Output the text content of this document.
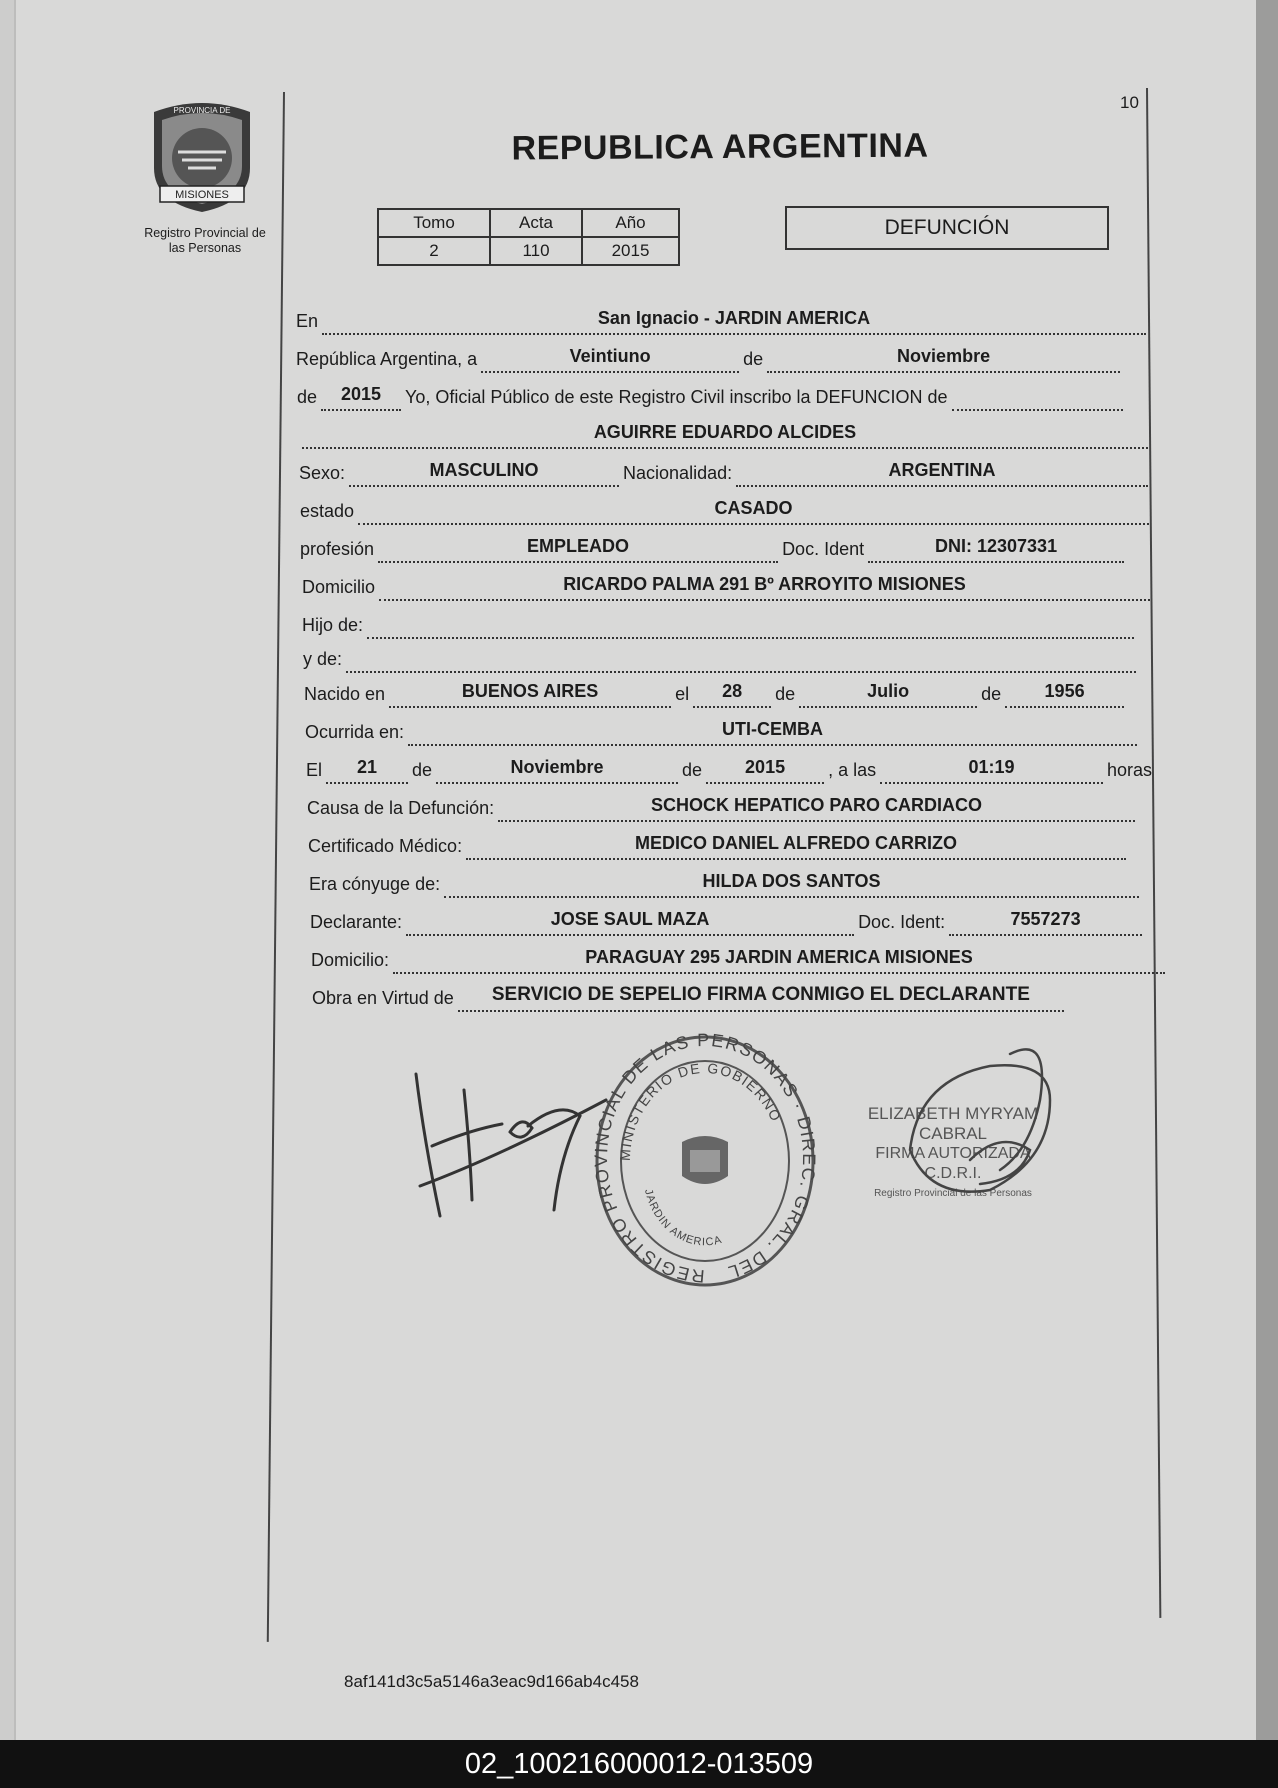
10
MISIONES
PROVINCIA DE
Registro Provincial de
las Personas
REPUBLICA ARGENTINA
Tomo	Acta	Año
2	110	2015
DEFUNCIÓN
En	San Ignacio - JARDIN AMERICA
República Argentina, a	Veintiuno	de	Noviembre
de	2015	Yo, Oficial Público de este Registro Civil inscribo la DEFUNCION de
AGUIRRE EDUARDO ALCIDES
Sexo:	MASCULINO	Nacionalidad:	ARGENTINA
estado	CASADO
profesión	EMPLEADO	Doc. Ident	DNI: 12307331
Domicilio	RICARDO PALMA 291 Bº ARROYITO MISIONES
Hijo de:
y de:
Nacido en	BUENOS AIRES	el	28	de	Julio	de	1956
Ocurrida en:	UTI-CEMBA
El	21	de	Noviembre	de	2015	, a las	01:19	horas
Causa de la Defunción:	SCHOCK HEPATICO PARO CARDIACO
Certificado Médico:	MEDICO DANIEL ALFREDO CARRIZO
Era cónyuge de:	HILDA DOS SANTOS
Declarante:	JOSE SAUL MAZA	Doc. Ident:	7557273
Domicilio:	PARAGUAY 295 JARDIN AMERICA MISIONES
Obra en Virtud de	SERVICIO DE SEPELIO FIRMA CONMIGO EL DECLARANTE
REGISTRO PROVINCIAL DE LAS PERSONAS · DIREC. GRAL. DEL
MINISTERIO DE GOBIERNO
JARDIN AMERICA
ELIZABETH MYRYAM CABRAL
FIRMA AUTORIZADA
C.D.R.I.
Registro Provincial de las Personas
8af141d3c5a5146a3eac9d166ab4c458
02_100216000012-013509
